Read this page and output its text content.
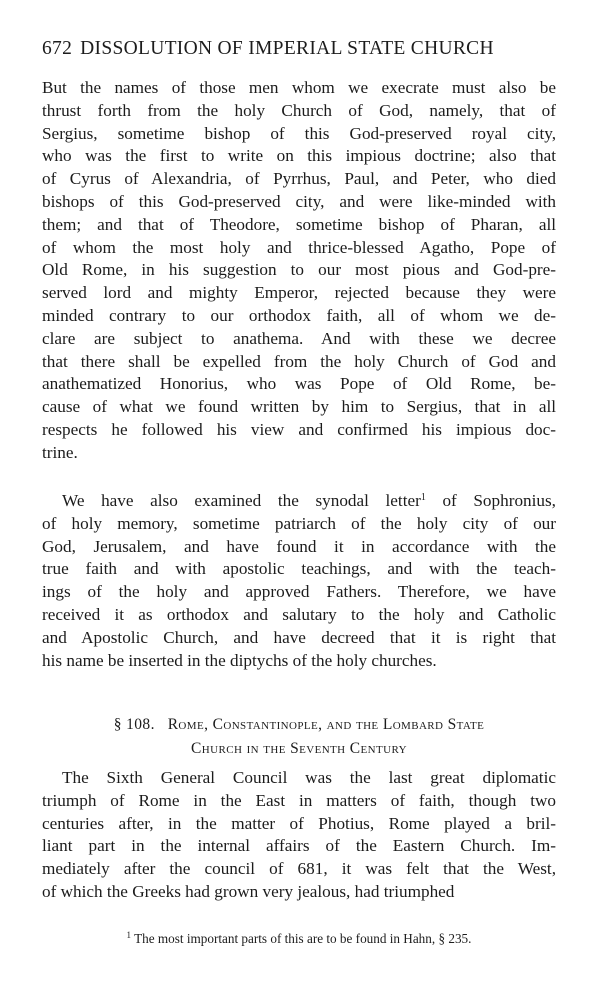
672 DISSOLUTION OF IMPERIAL STATE CHURCH

But the names of those men whom we execrate must also be

thrust forth from the holy Church of God, namely, that of

Sergius, sometime bishop of this God-preserved royal city,

who was the first to write on this impious doctrine; also that

of Cyrus of Alexandria, of Pyrrhus, Paul, and Peter, who died

bishops of this God-preserved city, and were like-minded with

them; and that of Theodore, sometime bishop of Pharan, all

of whom the most holy and thrice-blessed Agatho, Pope of

Old Rome, in his suggestion to our most pious and God-pre-

served lord and mighty Emperor, rejected because they were

minded contrary to our orthodox faith, all of whom we de-

clare are subject to anathema. And with these we decree

that there shall be expelled from the holy Church of God and

anathematized Honorius, who was Pope of Old Rome, be-

cause of what we found written by him to Sergius, that in all

respects he followed his view and confirmed his impious doc-

trine.

We have also examined the synodal letter$^1$ of Sophronius,

of holy memory, sometime patriarch of the holy city of our

God, Jerusalem, and have found it in accordance with the

true faith and with apostolic teachings, and with the teach-

ings of the holy and approved Fathers. Therefore, we have

received it as orthodox and salutary to the holy and Catholic

and Apostolic Church, and have decreed that it is right that

his name be inserted in the diptychs of the holy churches.

§ 108. Rome, Constantinople, and the Lombard State
Church in the Seventh Century

The Sixth General Council was the last great diplomatic

triumph of Rome in the East in matters of faith, though two

centuries after, in the matter of Photius, Rome played a bril-

liant part in the internal affairs of the Eastern Church. Im-

mediately after the council of 681, it was felt that the West,

of which the Greeks had grown very jealous, had triumphed

$^1$ The most important parts of this are to be found in Hahn, § 235.
